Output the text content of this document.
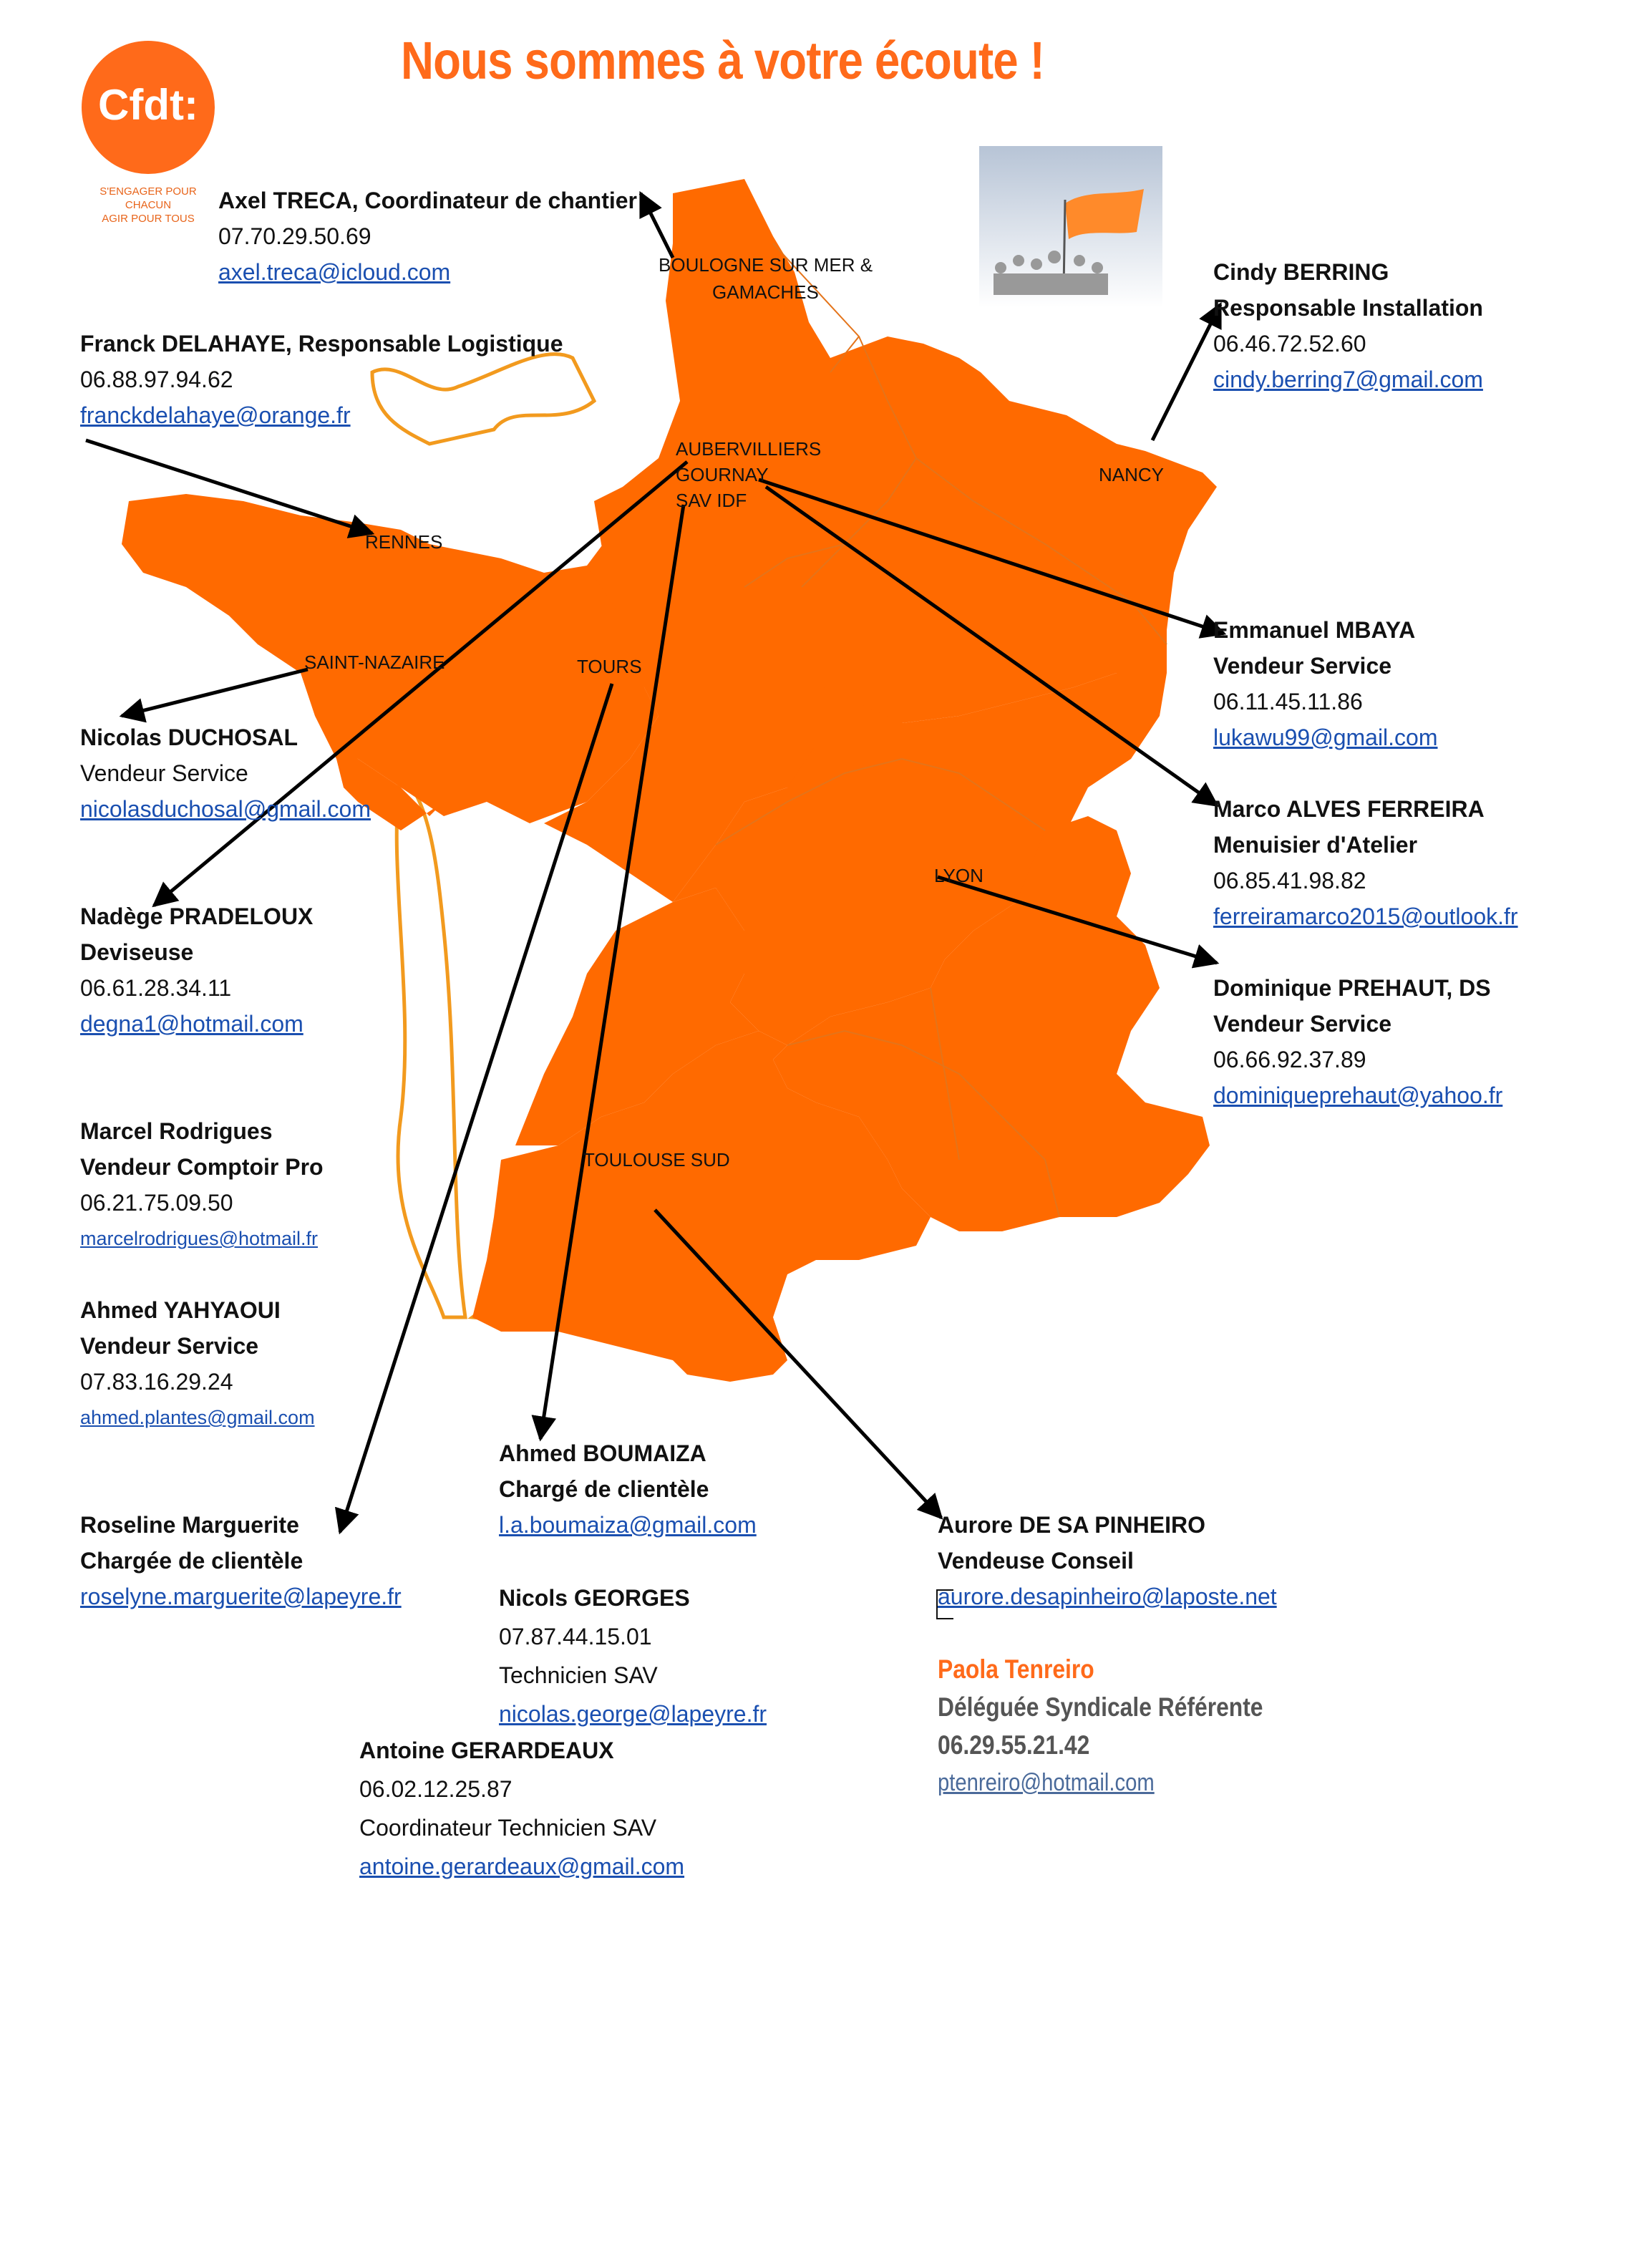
Cfdt:
S'ENGAGER POUR CHACUN
AGIR POUR TOUS
Nous sommes à votre écoute !
BOULOGNE SUR MER &
GAMACHES
AUBERVILLIERS
GOURNAY
SAV IDF
NANCY
RENNES
SAINT-NAZAIRE	TOURS
LYON
TOULOUSE SUD
Axel TRECA, Coordinateur de chantier
07.70.29.50.69
axel.treca@icloud.com
Franck DELAHAYE, Responsable Logistique
06.88.97.94.62
franckdelahaye@orange.fr
Cindy BERRING
Responsable Installation
06.46.72.52.60
cindy.berring7@gmail.com
Emmanuel MBAYA
Vendeur Service
06.11.45.11.86
lukawu99@gmail.com
Nicolas DUCHOSAL
Vendeur Service
nicolasduchosal@gmail.com	Marco ALVES FERREIRA
Menuisier d'Atelier
06.85.41.98.82
ferreiramarco2015@outlook.fr
Nadège PRADELOUX
Deviseuse
06.61.28.34.11
degna1@hotmail.com
Dominique PREHAUT, DS
Vendeur Service
06.66.92.37.89
dominiqueprehaut@yahoo.fr
Marcel Rodrigues
Vendeur Comptoir Pro
06.21.75.09.50
marcelrodrigues@hotmail.fr
Ahmed YAHYAOUI
Vendeur Service
07.83.16.29.24
ahmed.plantes@gmail.com
Ahmed BOUMAIZA
Chargé de clientèle
l.a.boumaiza@gmail.com
Roseline Marguerite
Chargée de clientèle
roselyne.marguerite@lapeyre.fr
Aurore DE SA PINHEIRO
Vendeuse Conseil
aurore.desapinheiro@laposte.net
Nicols GEORGES
07.87.44.15.01
Technicien SAV
nicolas.george@lapeyre.fr
Antoine GERARDEAUX
06.02.12.25.87
Coordinateur Technicien SAV
antoine.gerardeaux@gmail.com
Paola Tenreiro
Déléguée Syndicale Référente
06.29.55.21.42
ptenreiro@hotmail.com
